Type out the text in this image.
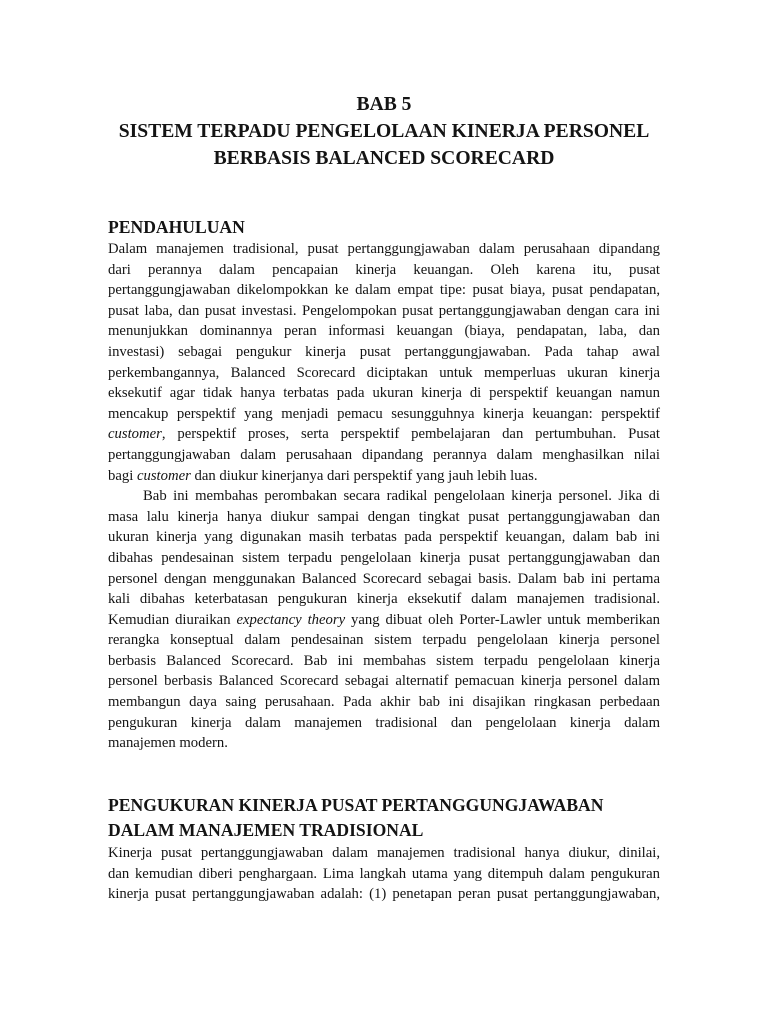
BAB 5
SISTEM TERPADU PENGELOLAAN KINERJA PERSONEL
BERBASIS BALANCED SCORECARD
PENDAHULUAN
Dalam manajemen tradisional, pusat pertanggungjawaban dalam perusahaan dipandang
dari perannya dalam pencapaian kinerja keuangan. Oleh karena itu, pusat
pertanggungjawaban dikelompokkan ke dalam empat tipe: pusat biaya, pusat pendapatan,
pusat laba, dan pusat investasi. Pengelompokan pusat pertanggungjawaban dengan cara ini
menunjukkan dominannya peran informasi keuangan (biaya, pendapatan, laba, dan
investasi) sebagai pengukur kinerja pusat pertanggungjawaban. Pada tahap awal
perkembangannya, Balanced Scorecard diciptakan untuk memperluas ukuran kinerja
eksekutif agar tidak hanya terbatas pada ukuran kinerja di perspektif keuangan namun
mencakup perspektif yang menjadi pemacu sesungguhnya kinerja keuangan: perspektif
customer, perspektif proses, serta perspektif pembelajaran dan pertumbuhan. Pusat
pertanggungjawaban dalam perusahaan dipandang perannya dalam menghasilkan nilai
bagi customer dan diukur kinerjanya dari perspektif yang jauh lebih luas.
Bab ini membahas perombakan secara radikal pengelolaan kinerja personel. Jika di
masa lalu kinerja hanya diukur sampai dengan tingkat pusat pertanggungjawaban dan
ukuran kinerja yang digunakan masih terbatas pada perspektif keuangan, dalam bab ini
dibahas pendesainan sistem terpadu pengelolaan kinerja pusat pertanggungjawaban dan
personel dengan menggunakan Balanced Scorecard sebagai basis. Dalam bab ini pertama
kali dibahas keterbatasan pengukuran kinerja eksekutif dalam manajemen tradisional.
Kemudian diuraikan expectancy theory yang dibuat oleh Porter-Lawler untuk memberikan
rerangka konseptual dalam pendesainan sistem terpadu pengelolaan kinerja personel
berbasis Balanced Scorecard. Bab ini membahas sistem terpadu pengelolaan kinerja
personel berbasis Balanced Scorecard sebagai alternatif pemacuan kinerja personel dalam
membangun daya saing perusahaan. Pada akhir bab ini disajikan ringkasan perbedaan
pengukuran kinerja dalam manajemen tradisional dan pengelolaan kinerja dalam
manajemen modern.
PENGUKURAN KINERJA PUSAT PERTANGGUNGJAWABAN
DALAM MANAJEMEN TRADISIONAL
Kinerja pusat pertanggungjawaban dalam manajemen tradisional hanya diukur, dinilai,
dan kemudian diberi penghargaan. Lima langkah utama yang ditempuh dalam pengukuran
kinerja pusat pertanggungjawaban adalah: (1) penetapan peran pusat pertanggungjawaban,
